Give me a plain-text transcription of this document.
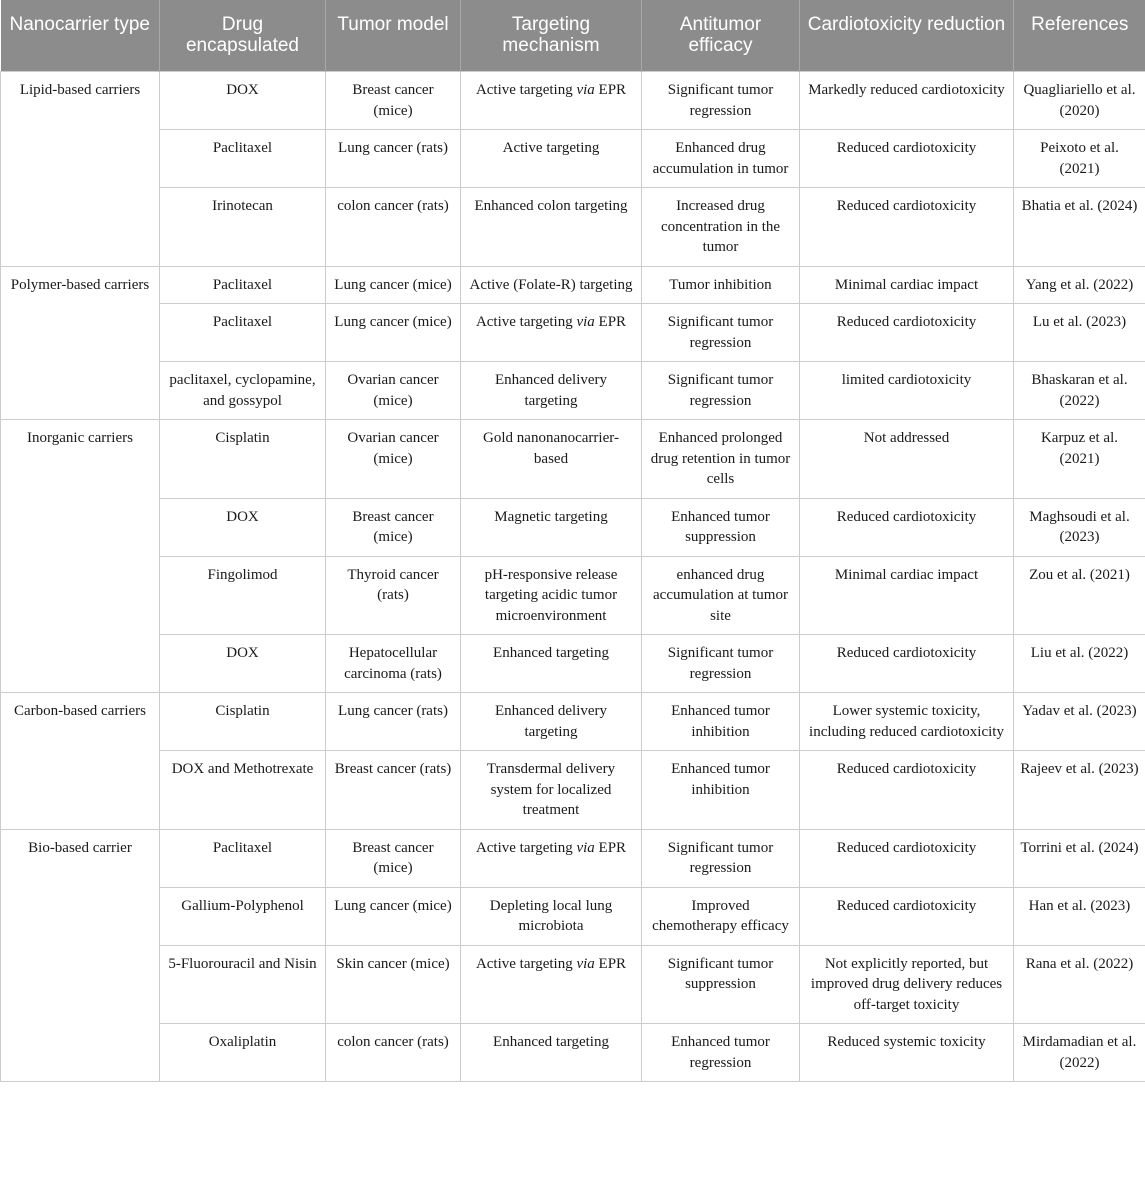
Nanocarrier type	Drug encapsulated	Tumor model	Targeting mechanism	Antitumor efficacy	Cardiotoxicity reduction	References
Lipid-based carriers	DOX	Breast cancer (mice)	Active targeting via EPR	Significant tumor regression	Markedly reduced cardiotoxicity	Quagliariello et al. (2020)
	Paclitaxel	Lung cancer (rats)	Active targeting	Enhanced drug accumulation in tumor	Reduced cardiotoxicity	Peixoto et al. (2021)
	Irinotecan	colon cancer (rats)	Enhanced colon targeting	Increased drug concentration in the tumor	Reduced cardiotoxicity	Bhatia et al. (2024)
Polymer-based carriers	Paclitaxel	Lung cancer (mice)	Active (Folate-R) targeting	Tumor inhibition	Minimal cardiac impact	Yang et al. (2022)
	Paclitaxel	Lung cancer (mice)	Active targeting via EPR	Significant tumor regression	Reduced cardiotoxicity	Lu et al. (2023)
	paclitaxel, cyclopamine, and gossypol	Ovarian cancer (mice)	Enhanced delivery targeting	Significant tumor regression	limited cardiotoxicity	Bhaskaran et al. (2022)
Inorganic carriers	Cisplatin	Ovarian cancer (mice)	Gold nanonanocarrier-based	Enhanced prolonged drug retention in tumor cells	Not addressed	Karpuz et al. (2021)
	DOX	Breast cancer (mice)	Magnetic targeting	Enhanced tumor suppression	Reduced cardiotoxicity	Maghsoudi et al. (2023)
	Fingolimod	Thyroid cancer (rats)	pH-responsive release targeting acidic tumor microenvironment	enhanced drug accumulation at tumor site	Minimal cardiac impact	Zou et al. (2021)
	DOX	Hepatocellular carcinoma (rats)	Enhanced targeting	Significant tumor regression	Reduced cardiotoxicity	Liu et al. (2022)
Carbon-based carriers	Cisplatin	Lung cancer (rats)	Enhanced delivery targeting	Enhanced tumor inhibition	Lower systemic toxicity, including reduced cardiotoxicity	Yadav et al. (2023)
	DOX and Methotrexate	Breast cancer (rats)	Transdermal delivery system for localized treatment	Enhanced tumor inhibition	Reduced cardiotoxicity	Rajeev et al. (2023)
Bio-based carrier	Paclitaxel	Breast cancer (mice)	Active targeting via EPR	Significant tumor regression	Reduced cardiotoxicity	Torrini et al. (2024)
	Gallium-Polyphenol	Lung cancer (mice)	Depleting local lung microbiota	Improved chemotherapy efficacy	Reduced cardiotoxicity	Han et al. (2023)
	5-Fluorouracil and Nisin	Skin cancer (mice)	Active targeting via EPR	Significant tumor suppression	Not explicitly reported, but improved drug delivery reduces off-target toxicity	Rana et al. (2022)
	Oxaliplatin	colon cancer (rats)	Enhanced targeting	Enhanced tumor regression	Reduced systemic toxicity	Mirdamadian et al. (2022)
